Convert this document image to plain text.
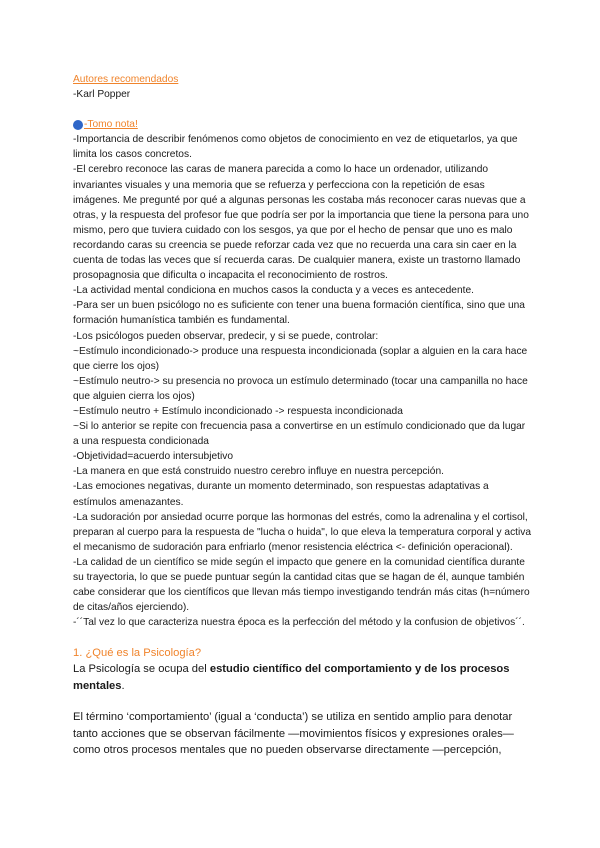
Autores recomendados

-Karl Popper

-Tomo nota!

-Importancia de describir fenómenos como objetos de conocimiento en vez de etiquetarlos, ya que limita los casos concretos.

-El cerebro reconoce las caras de manera parecida a como lo hace un ordenador, utilizando invariantes visuales y una memoria que se refuerza y perfecciona con la repetición de esas imágenes. Me pregunté por qué a algunas personas les costaba más reconocer caras nuevas que a otras, y la respuesta del profesor fue que podría ser por la importancia que tiene la persona para uno mismo, pero que tuviera cuidado con los sesgos, ya que por el hecho de pensar que uno es malo recordando caras su creencia se puede reforzar cada vez que no recuerda una cara sin caer en la cuenta de todas las veces que sí recuerda caras. De cualquier manera, existe un trastorno llamado prosopagnosia que dificulta o incapacita el reconocimiento de rostros.

-La actividad mental condiciona en muchos casos la conducta y a veces es antecedente.

-Para ser un buen psicólogo no es suficiente con tener una buena formación científica, sino que una formación humanística también es fundamental.

-Los psicólogos pueden observar, predecir, y si se puede, controlar:

~Estímulo incondicionado-> produce una respuesta incondicionada (soplar a alguien en la cara hace que cierre los ojos)

~Estímulo neutro-> su presencia no provoca un estímulo determinado (tocar una campanilla no hace que alguien cierra los ojos)

~Estímulo neutro + Estímulo incondicionado -> respuesta incondicionada

~Si lo anterior se repite con frecuencia pasa a convertirse en un estímulo condicionado que da lugar a una respuesta condicionada

-Objetividad=acuerdo intersubjetivo

-La manera en que está construido nuestro cerebro influye en nuestra percepción.

-Las emociones negativas, durante un momento determinado, son respuestas adaptativas a estímulos amenazantes.

-La sudoración por ansiedad ocurre porque las hormonas del estrés, como la adrenalina y el cortisol, preparan al cuerpo para la respuesta de "lucha o huida", lo que eleva la temperatura corporal y activa el mecanismo de sudoración para enfriarlo (menor resistencia eléctrica <- definición operacional).

-La calidad de un científico se mide según el impacto que genere en la comunidad científica durante su trayectoria, lo que se puede puntuar según la cantidad citas que se hagan de él, aunque también cabe considerar que los científicos que llevan más tiempo investigando tendrán más citas (h=número de citas/años ejerciendo).

-´´Tal vez lo que caracteriza nuestra época es la perfección del método y la confusion de objetivos´´.

1. ¿Qué es la Psicología?

La Psicología se ocupa del estudio científico del comportamiento y de los procesos mentales.

El término ‘comportamiento’ (igual a ‘conducta’) se utiliza en sentido amplio para denotar tanto acciones que se observan fácilmente —movimientos físicos y expresiones orales— como otros procesos mentales que no pueden observarse directamente —percepción,
